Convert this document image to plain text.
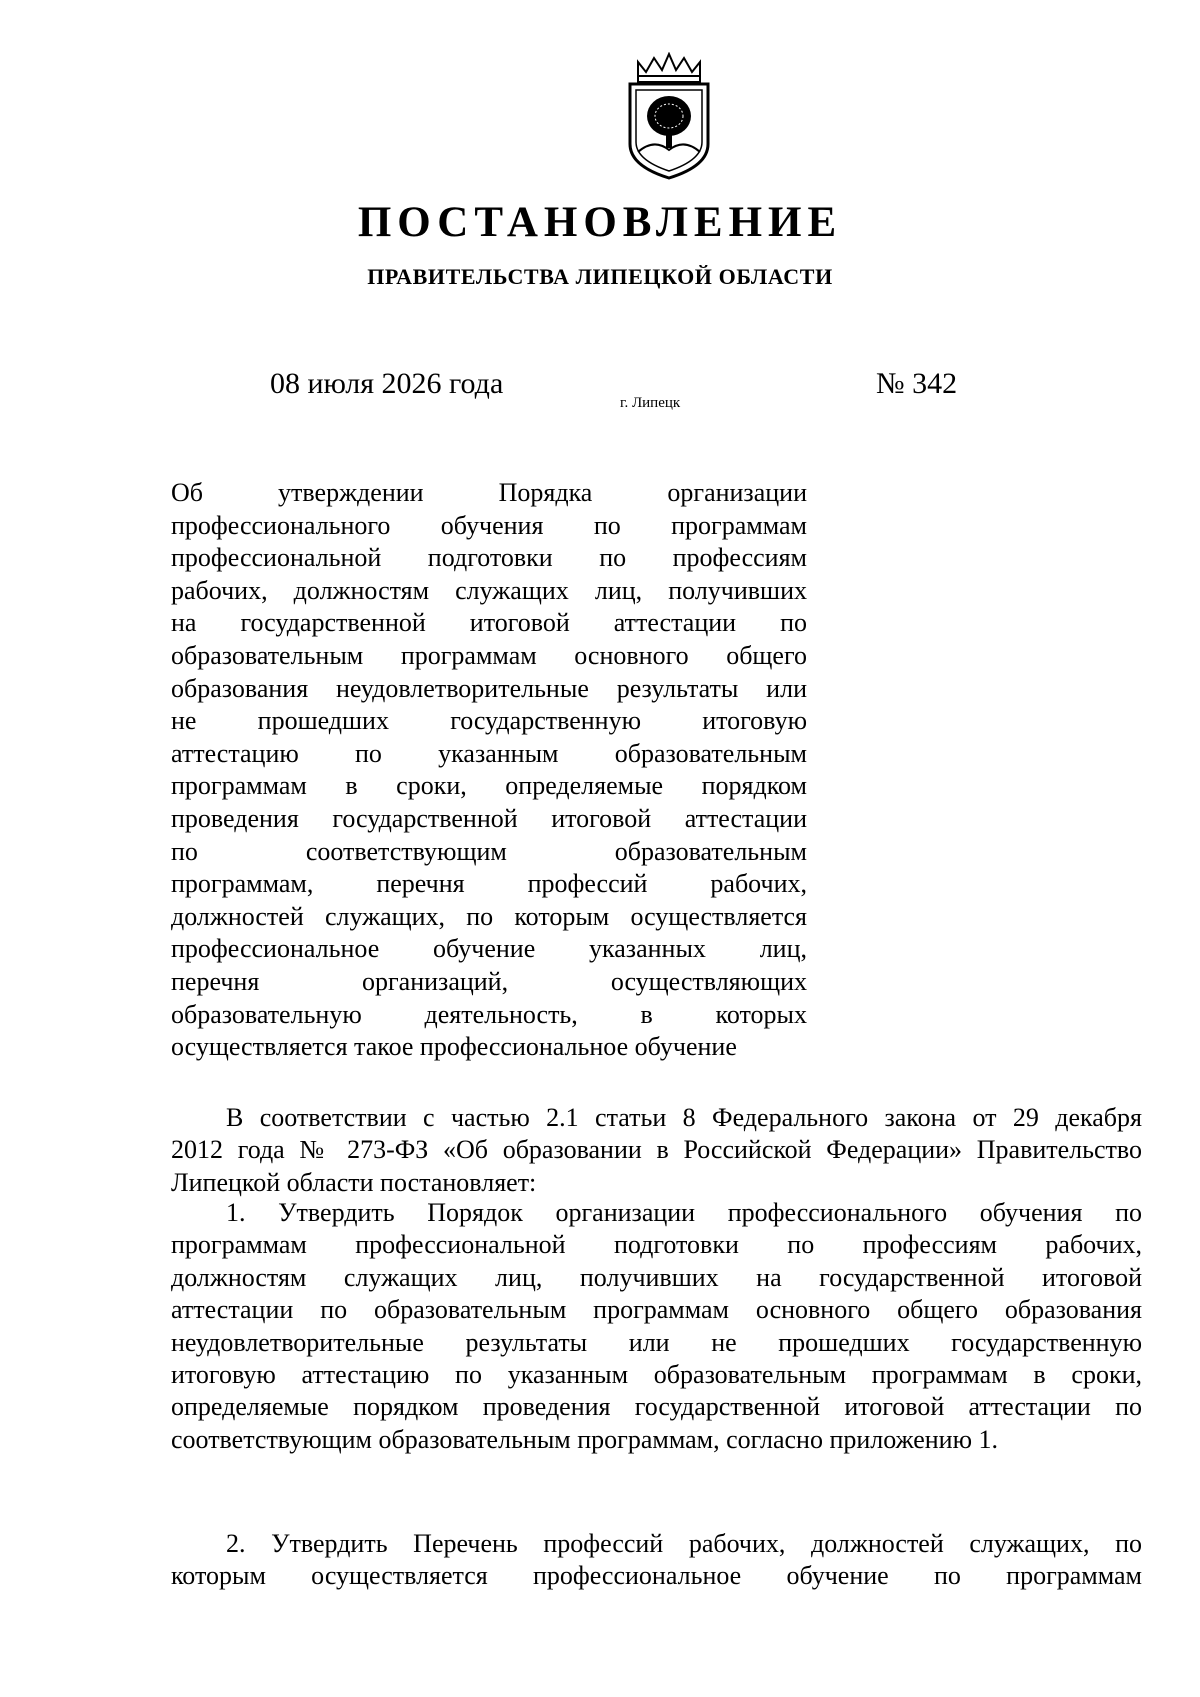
ПОСТАНОВЛЕНИЕ
ПРАВИТЕЛЬСТВА ЛИПЕЦКОЙ ОБЛАСТИ
08 июля 2026 года
г. Липецк
№ 342
Об утверждении Порядка организации
профессионального обучения по программам
профессиональной подготовки по профессиям
рабочих, должностям служащих лиц, получивших
на государственной итоговой аттестации по
образовательным программам основного общего
образования неудовлетворительные результаты или
не прошедших государственную итоговую
аттестацию по указанным образовательным
программам в сроки, определяемые порядком
проведения государственной итоговой аттестации
по соответствующим образовательным
программам, перечня профессий рабочих,
должностей служащих, по которым осуществляется
профессиональное обучение указанных лиц,
перечня организаций, осуществляющих
образовательную деятельность, в которых
осуществляется такое профессиональное обучение
В соответствии с частью 2.1 статьи 8 Федерального закона от 29 декабря
2012 года № 273-ФЗ «Об образовании в Российской Федерации» Правительство
Липецкой области постановляет:
1. Утвердить Порядок организации профессионального обучения по
программам профессиональной подготовки по профессиям рабочих,
должностям служащих лиц, получивших на государственной итоговой
аттестации по образовательным программам основного общего образования
неудовлетворительные результаты или не прошедших государственную
итоговую аттестацию по указанным образовательным программам в сроки,
определяемые порядком проведения государственной итоговой аттестации по
соответствующим образовательным программам, согласно приложению 1.
2. Утвердить Перечень профессий рабочих, должностей служащих, по
которым осуществляется профессиональное обучение по программам
